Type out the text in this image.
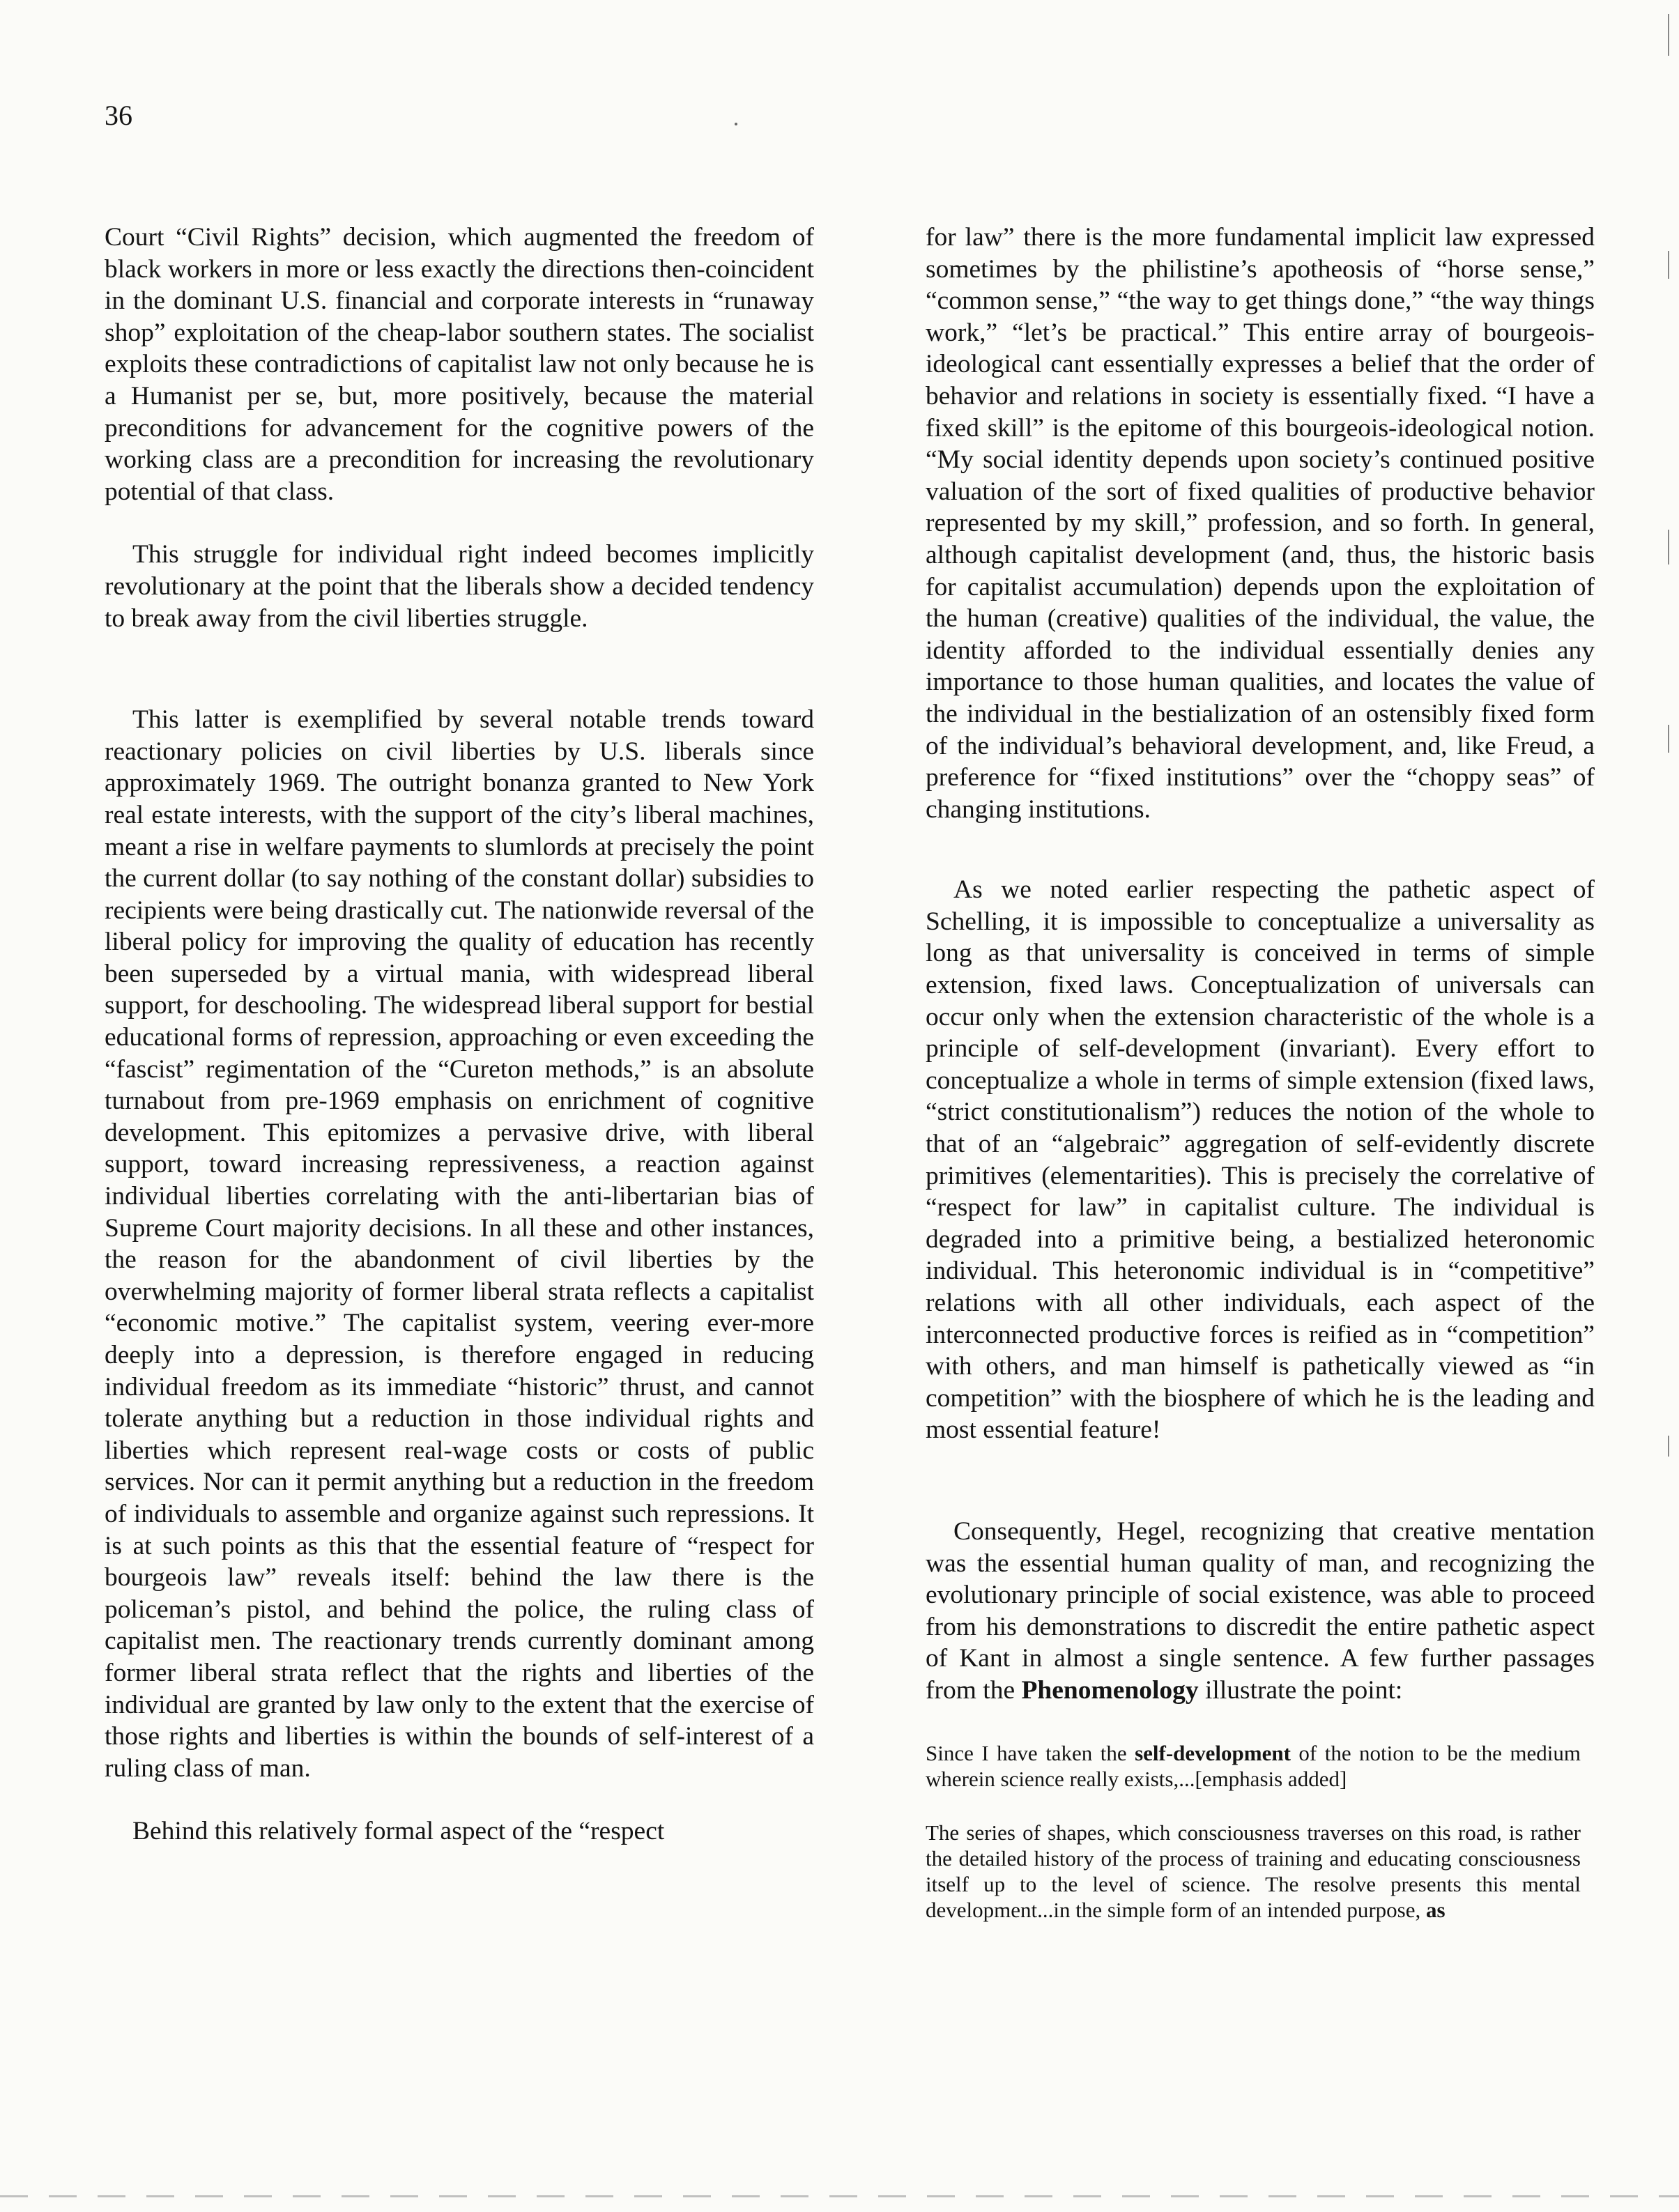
36

Court “Civil Rights” decision, which augmented the freedom of black workers in more or less exactly the directions then-coincident in the dominant U.S. financial and corporate interests in “runaway shop” exploitation of the cheap-labor southern states. The socialist exploits these contradictions of capitalist law not only because he is a Humanist per se, but, more positively, because the material preconditions for advancement for the cognitive powers of the working class are a precondition for increasing the revolutionary potential of that class.

This struggle for individual right indeed becomes implicitly revolutionary at the point that the liberals show a decided tendency to break away from the civil liberties struggle.

This latter is exemplified by several notable trends toward reactionary policies on civil liberties by U.S. liberals since approximately 1969. The outright bonanza granted to New York real estate interests, with the support of the city’s liberal machines, meant a rise in welfare payments to slumlords at precisely the point the current dollar (to say nothing of the constant dollar) subsidies to recipients were being drastically cut. The nationwide reversal of the liberal policy for improving the quality of education has recently been superseded by a virtual mania, with widespread liberal support, for deschooling. The widespread liberal support for bestial educational forms of repression, approaching or even exceeding the “fascist” regimentation of the “Cureton methods,” is an absolute turnabout from pre-1969 emphasis on enrichment of cognitive development. This epitomizes a pervasive drive, with liberal support, toward increasing repressiveness, a reaction against individual liberties correlating with the anti-libertarian bias of Supreme Court majority decisions. In all these and other instances, the reason for the abandonment of civil liberties by the overwhelming majority of former liberal strata reflects a capitalist “economic motive.” The capitalist system, veering ever-more deeply into a depression, is therefore engaged in reducing individual freedom as its immediate “historic” thrust, and cannot tolerate anything but a reduction in those individual rights and liberties which represent real-wage costs or costs of public services. Nor can it permit anything but a reduction in the freedom of individuals to assemble and organize against such repressions. It is at such points as this that the essential feature of “respect for bourgeois law” reveals itself: behind the law there is the policeman’s pistol, and behind the police, the ruling class of capitalist men. The reactionary trends currently dominant among former liberal strata reflect that the rights and liberties of the individual are granted by law only to the extent that the exercise of those rights and liberties is within the bounds of self-interest of a ruling class of man.

Behind this relatively formal aspect of the “respect

for law” there is the more fundamental implicit law expressed sometimes by the philistine’s apotheosis of “horse sense,” “common sense,” “the way to get things done,” “the way things work,” “let’s be practical.” This entire array of bourgeois-ideological cant essentially expresses a belief that the order of behavior and relations in society is essentially fixed. “I have a fixed skill” is the epitome of this bourgeois-ideological notion. “My social identity depends upon society’s continued positive valuation of the sort of fixed qualities of productive behavior represented by my skill,” profession, and so forth. In general, although capitalist development (and, thus, the historic basis for capitalist accumulation) depends upon the exploitation of the human (creative) qualities of the individual, the value, the identity afforded to the individual essentially denies any importance to those human qualities, and locates the value of the individual in the bestialization of an ostensibly fixed form of the individual’s behavioral development, and, like Freud, a preference for “fixed institutions” over the “choppy seas” of changing institutions.

As we noted earlier respecting the pathetic aspect of Schelling, it is impossible to conceptualize a universality as long as that universality is conceived in terms of simple extension, fixed laws. Conceptualization of universals can occur only when the extension characteristic of the whole is a principle of self-development (invariant). Every effort to conceptualize a whole in terms of simple extension (fixed laws, “strict constitutionalism”) reduces the notion of the whole to that of an “algebraic” aggregation of self-evidently discrete primitives (elementarities). This is precisely the correlative of “respect for law” in capitalist culture. The individual is degraded into a primitive being, a bestialized heteronomic individual. This heteronomic individual is in “competitive” relations with all other individuals, each aspect of the interconnected productive forces is reified as in “competition” with others, and man himself is pathetically viewed as “in competition” with the biosphere of which he is the leading and most essential feature!

Consequently, Hegel, recognizing that creative mentation was the essential human quality of man, and recognizing the evolutionary principle of social existence, was able to proceed from his demonstrations to discredit the entire pathetic aspect of Kant in almost a single sentence. A few further passages from the Phenomenology illustrate the point:

Since I have taken the self-development of the notion to be the medium wherein science really exists,...[emphasis added]
The series of shapes, which consciousness traverses on this road, is rather the detailed history of the process of training and educating consciousness itself up to the level of science. The resolve presents this mental development...in the simple form of an intended purpose, as
